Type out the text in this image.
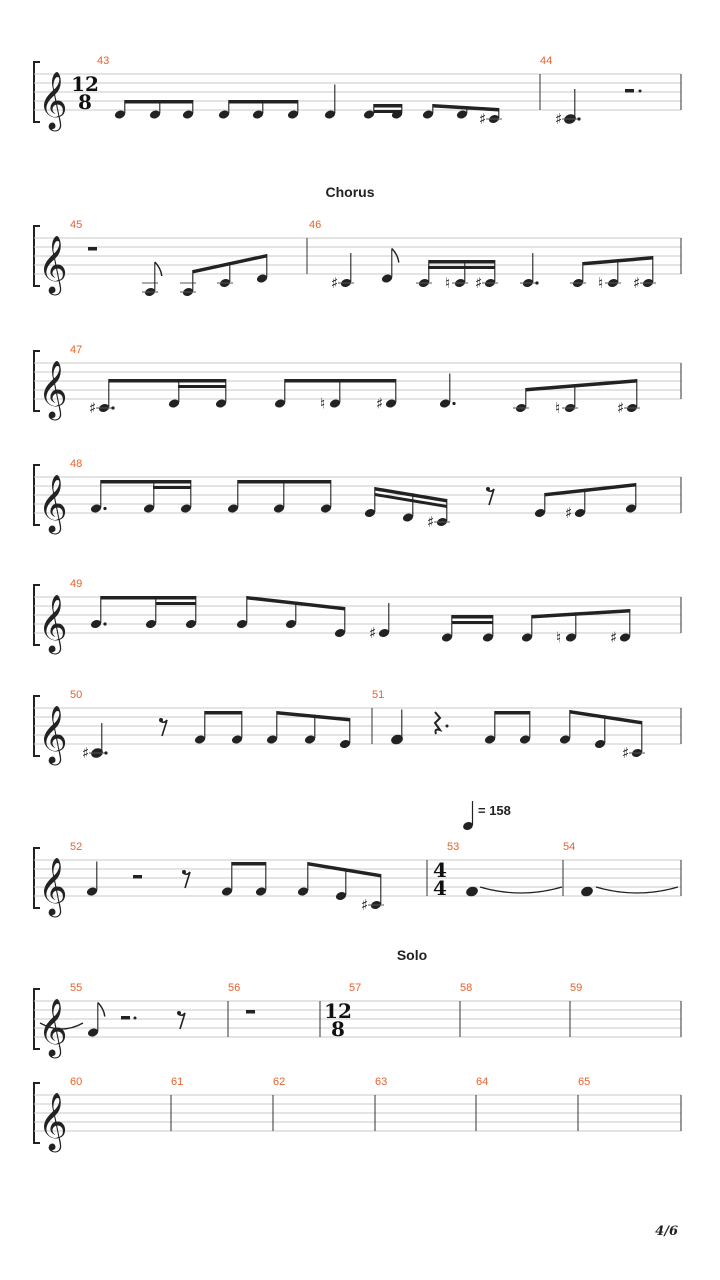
𝄞
43	44
12
8
♯	♯
𝄞
45	46
♯	♮ ♯	♮ ♯
𝄞
47
♯	♮	♯	♮	♯
𝄞
48
♯	♯
𝄞
49
♯	♮	♯
𝄞
50	51
♯	♯
𝄞
52	53	54
♯
4
4
𝄞
55	56	57	58	59
12
8
𝄞
60	61	62	63	64	65
Chorus
= 158
Solo
4/6
